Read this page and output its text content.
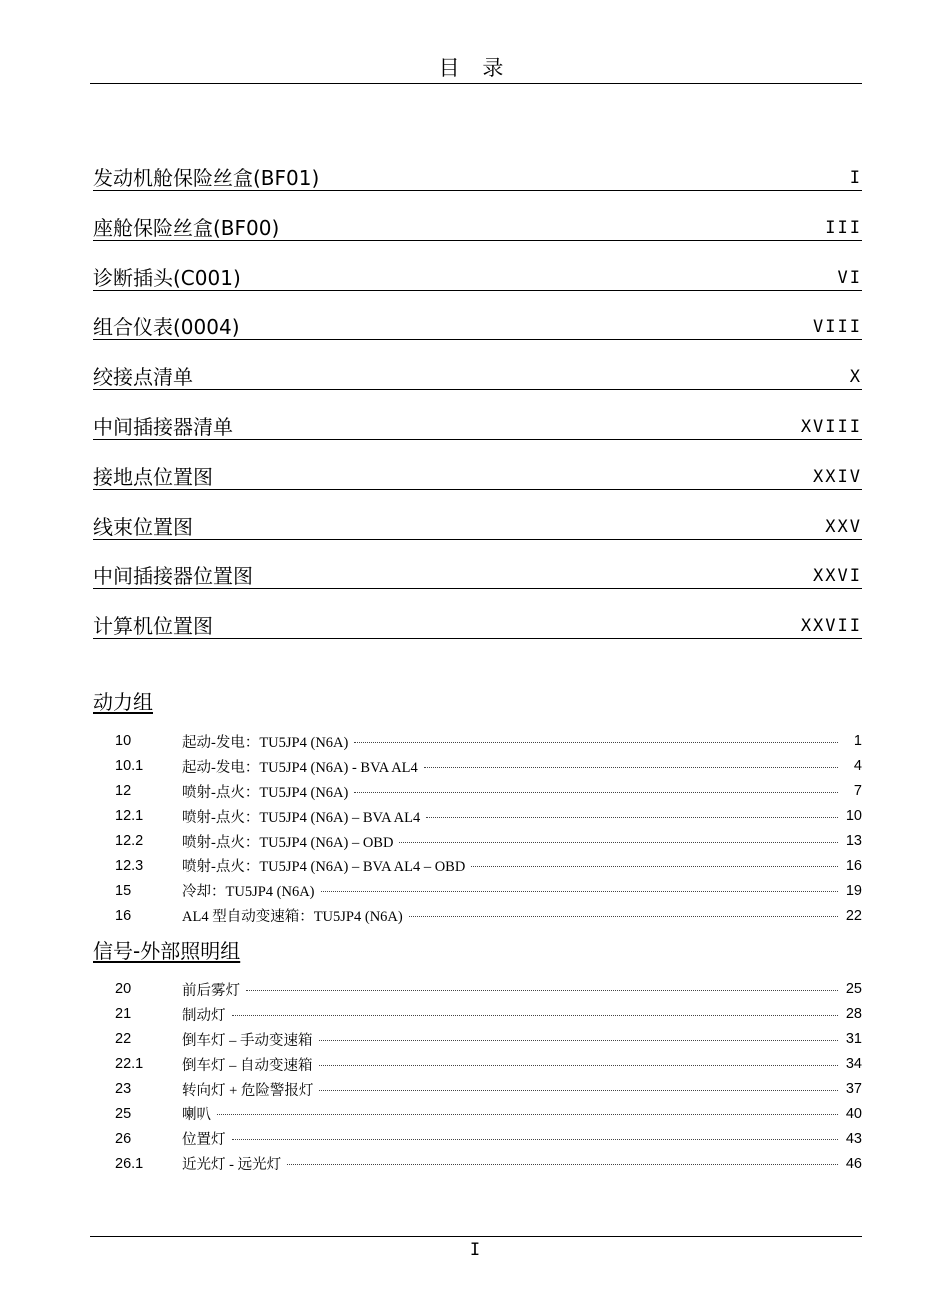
目 录
发动机舱保险丝盒(BF01)	I
座舱保险丝盒(BF00)	III
诊断插头(C001)	VI
组合仪表(0004)	VIII
绞接点清单	X
中间插接器清单	XVIII
接地点位置图	XXIV
线束位置图	XXV
中间插接器位置图	XXVI
计算机位置图	XXVII
动力组
10	起动-发电：TU5JP4 (N6A)	1
10.1	起动-发电：TU5JP4 (N6A) - BVA AL4	4
12	喷射-点火：TU5JP4 (N6A)	7
12.1	喷射-点火：TU5JP4 (N6A) – BVA AL4	10
12.2	喷射-点火：TU5JP4 (N6A) – OBD	13
12.3	喷射-点火：TU5JP4 (N6A) – BVA AL4 – OBD	16
15	冷却：TU5JP4 (N6A)	19
16	AL4 型自动变速箱：TU5JP4 (N6A)	22
信号-外部照明组
20	前后雾灯	25
21	制动灯	28
22	倒车灯 – 手动变速箱	31
22.1	倒车灯 – 自动变速箱	34
23	转向灯 + 危险警报灯	37
25	喇叭	40
26	位置灯	43
26.1	近光灯 - 远光灯	46
I
